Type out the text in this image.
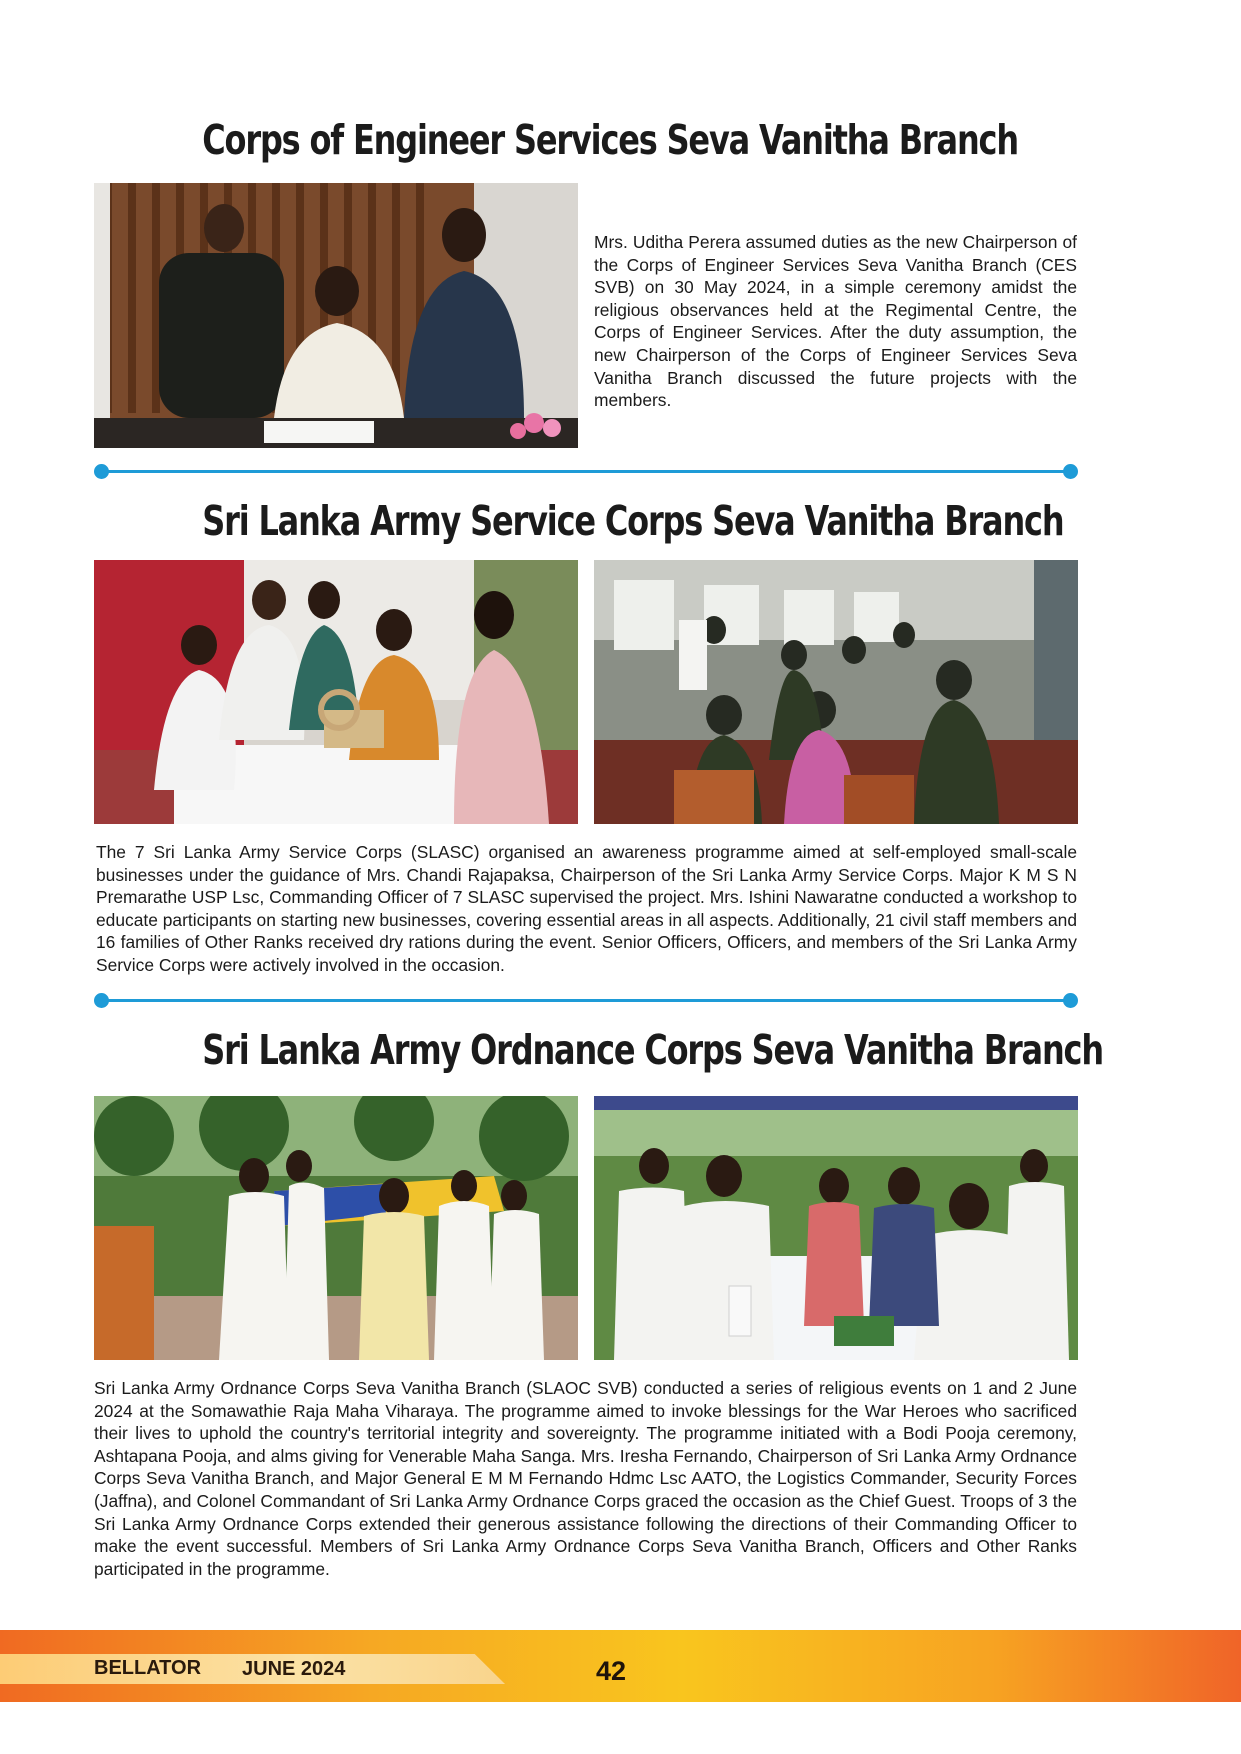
Corps of Engineer Services Seva Vanitha Branch
Mrs. Uditha Perera assumed duties as the new Chairperson of the Corps of Engineer Services Seva Vanitha Branch (CES SVB) on 30 May 2024, in a simple ceremony amidst the religious observances held at the Regimental Centre, the Corps of Engineer Services. After the duty assumption, the new Chairperson of the Corps of Engineer Services Seva Vanitha Branch discussed the future projects with the members.
Sri Lanka Army Service Corps Seva Vanitha Branch
The 7 Sri Lanka Army Service Corps (SLASC) organised an awareness programme aimed at self-employed small-scale businesses under the guidance of Mrs. Chandi Rajapaksa, Chairperson of the Sri Lanka Army Service Corps. Major K M S N Premarathe USP Lsc, Commanding Officer of 7 SLASC supervised the project. Mrs. Ishini Nawaratne conducted a workshop to educate participants on starting new businesses, covering essential areas in all aspects. Additionally, 21 civil staff members and 16 families of Other Ranks received dry rations during the event. Senior Officers, Officers, and members of the Sri Lanka Army Service Corps were actively involved in the occasion.
Sri Lanka Army Ordnance Corps Seva Vanitha Branch
Sri Lanka Army Ordnance Corps Seva Vanitha Branch (SLAOC SVB) conducted a series of religious events on 1 and 2 June 2024 at the Somawathie Raja Maha Viharaya. The programme aimed to invoke blessings for the War Heroes who sacrificed their lives to uphold the country's territorial integrity and sovereignty. The programme initiated with a Bodi Pooja ceremony, Ashtapana Pooja, and alms giving for Venerable Maha Sanga. Mrs. Iresha Fernando, Chairperson of Sri Lanka Army Ordnance Corps Seva Vanitha Branch, and Major General E M M Fernando Hdmc Lsc AATO, the Logistics Commander, Security Forces (Jaffna), and Colonel Commandant of Sri Lanka Army Ordnance Corps graced the occasion as the Chief Guest. Troops of 3 the Sri Lanka Army Ordnance Corps extended their generous assistance following the directions of their Commanding Officer to make the event successful. Members of Sri Lanka Army Ordnance Corps Seva Vanitha Branch, Officers and Other Ranks participated in the programme.
BELLATOR JUNE 2024	42
